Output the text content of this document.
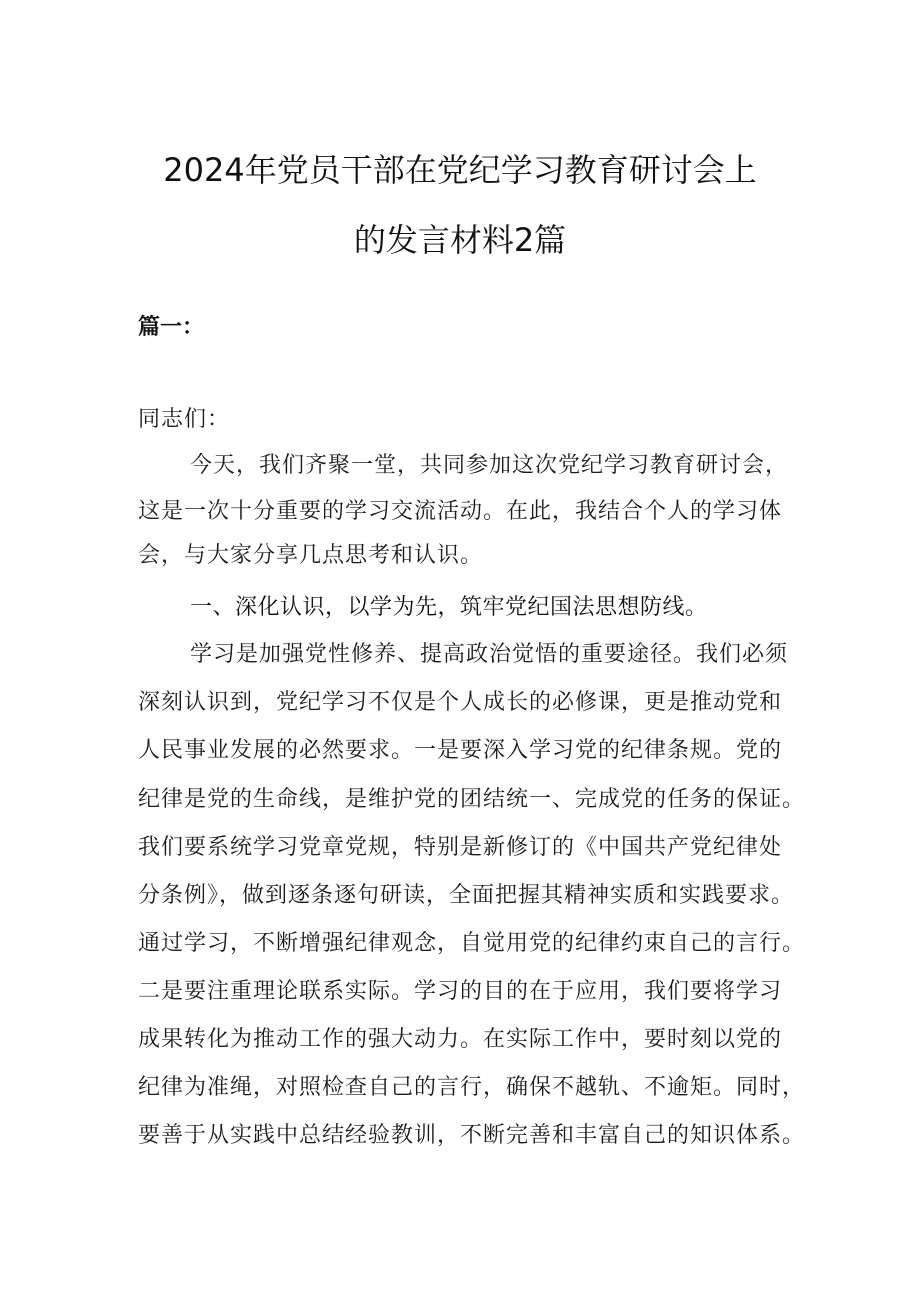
2024年党员干部在党纪学习教育研讨会上
的发言材料2篇
篇一：
同志们：
今天，我们齐聚一堂，共同参加这次党纪学习教育研讨会，
这是一次十分重要的学习交流活动。在此，我结合个人的学习体
会，与大家分享几点思考和认识。
一、深化认识，以学为先，筑牢党纪国法思想防线。
学习是加强党性修养、提高政治觉悟的重要途径。我们必须
深刻认识到，党纪学习不仅是个人成长的必修课，更是推动党和
人民事业发展的必然要求。一是要深入学习党的纪律条规。党的
纪律是党的生命线，是维护党的团结统一、完成党的任务的保证。
我们要系统学习党章党规，特别是新修订的《中国共产党纪律处
分条例》，做到逐条逐句研读，全面把握其精神实质和实践要求。
通过学习，不断增强纪律观念，自觉用党的纪律约束自己的言行。
二是要注重理论联系实际。学习的目的在于应用，我们要将学习
成果转化为推动工作的强大动力。在实际工作中，要时刻以党的
纪律为准绳，对照检查自己的言行，确保不越轨、不逾矩。同时，
要善于从实践中总结经验教训，不断完善和丰富自己的知识体系。
